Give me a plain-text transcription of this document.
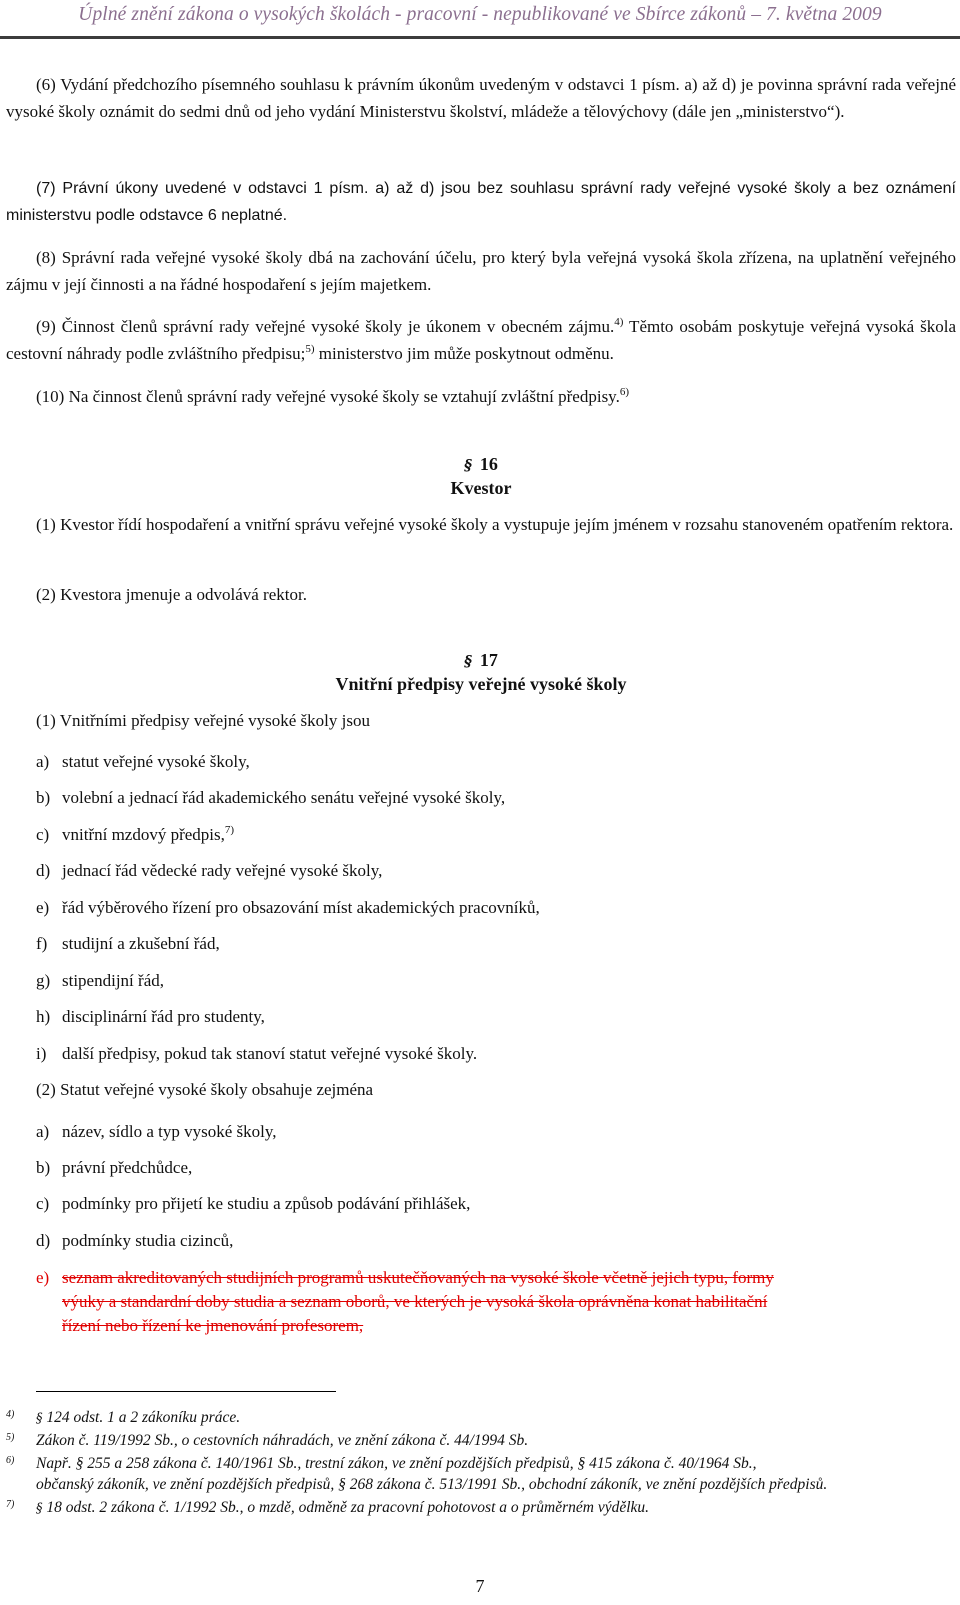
Úplné znění zákona o vysokých školách - pracovní - nepublikované ve Sbírce zákonů – 7. května 2009
(6) Vydání předchozího písemného souhlasu k právním úkonům uvedeným v odstavci 1 písm. a) až d) je povinna správní rada veřejné vysoké školy oznámit do sedmi dnů od jeho vydání Ministerstvu školství, mládeže a tělovýchovy (dále jen „ministerstvo“).
(7) Právní úkony uvedené v odstavci 1 písm. a) až d) jsou bez souhlasu správní rady veřejné vysoké školy a bez oznámení ministerstvu podle odstavce 6 neplatné.
(8) Správní rada veřejné vysoké školy dbá na zachování účelu, pro který byla veřejná vysoká škola zřízena, na uplatnění veřejného zájmu v její činnosti a na řádné hospodaření s jejím majetkem.
(9) Činnost členů správní rady veřejné vysoké školy je úkonem v obecném zájmu.$^{4)}$ Těmto osobám poskytuje veřejná vysoká škola cestovní náhrady podle zvláštního předpisu;$^{5)}$ ministerstvo jim může poskytnout odměnu.
(10) Na činnost členů správní rady veřejné vysoké školy se vztahují zvláštní předpisy.$^{6)}$
§ 16
Kvestor
(1) Kvestor řídí hospodaření a vnitřní správu veřejné vysoké školy a vystupuje jejím jménem v rozsahu stanoveném opatřením rektora.
(2) Kvestora jmenuje a odvolává rektor.
§ 17
Vnitřní předpisy veřejné vysoké školy
(1) Vnitřními předpisy veřejné vysoké školy jsou
a) statut veřejné vysoké školy,
b) volební a jednací řád akademického senátu veřejné vysoké školy,
c) vnitřní mzdový předpis,$^{7)}$
d) jednací řád vědecké rady veřejné vysoké školy,
e) řád výběrového řízení pro obsazování míst akademických pracovníků,
f) studijní a zkušební řád,
g) stipendijní řád,
h) disciplinární řád pro studenty,
i) další předpisy, pokud tak stanoví statut veřejné vysoké školy.
(2) Statut veřejné vysoké školy obsahuje zejména
a) název, sídlo a typ vysoké školy,
b) právní předchůdce,
c) podmínky pro přijetí ke studiu a způsob podávání přihlášek,
d) podmínky studia cizinců,
e) seznam akreditovaných studijních programů uskutečňovaných na vysoké škole včetně jejich typu, formy
výuky a standardní doby studia a seznam oborů, ve kterých je vysoká škola oprávněna konat habilitační
řízení nebo řízení ke jmenování profesorem,
4) § 124 odst. 1 a 2 zákoníku práce.
5) Zákon č. 119/1992 Sb., o cestovních náhradách, ve znění zákona č. 44/1994 Sb.
6) Např. § 255 a 258 zákona č. 140/1961 Sb., trestní zákon, ve znění pozdějších předpisů, § 415 zákona č. 40/1964 Sb.,
občanský zákoník, ve znění pozdějších předpisů, § 268 zákona č. 513/1991 Sb., obchodní zákoník, ve znění pozdějších předpisů.
7) § 18 odst. 2 zákona č. 1/1992 Sb., o mzdě, odměně za pracovní pohotovost a o průměrném výdělku.
7
